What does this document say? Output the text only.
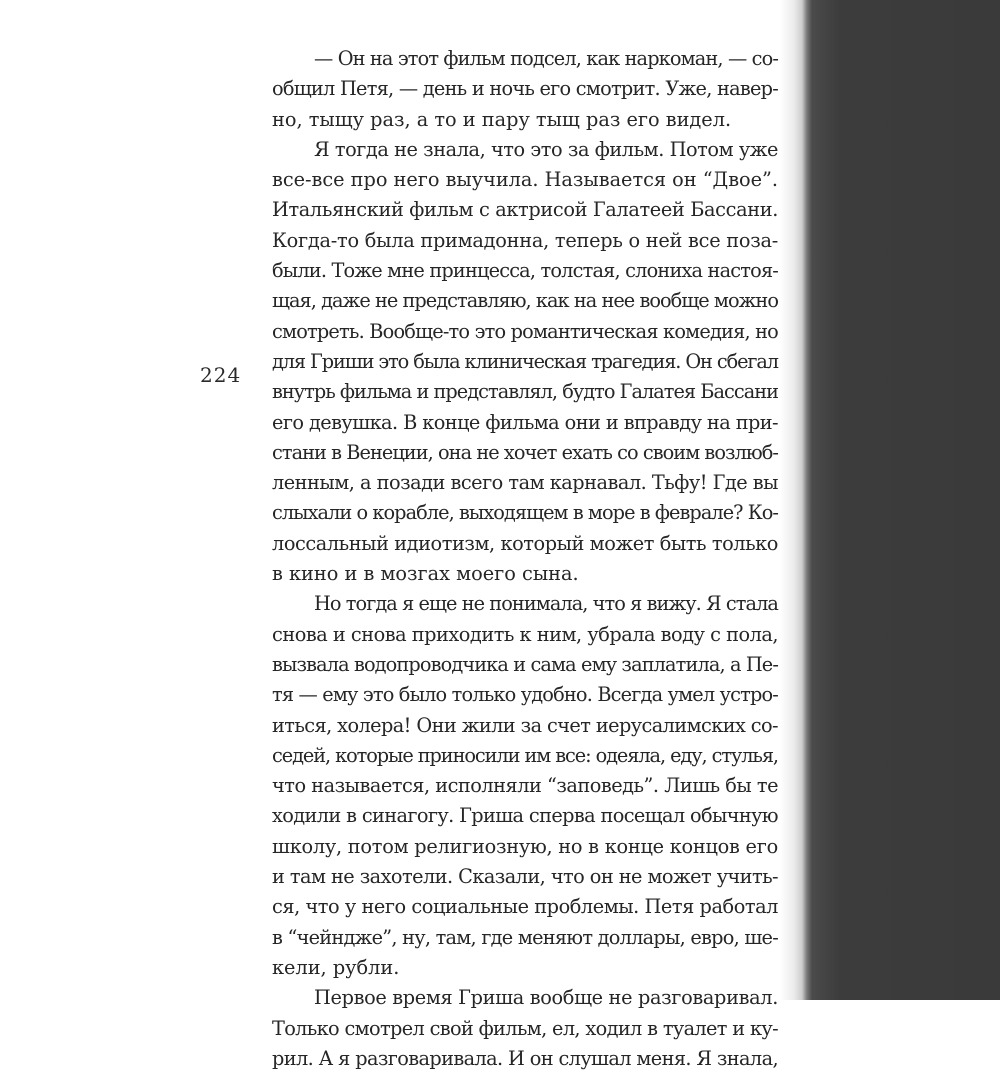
224
— Он на этот фильм подсел, как наркоман, — со-
общил Петя, — день и ночь его смотрит. Уже, навер-
но, тыщу раз, а то и пару тыщ раз его видел.
Я тогда не знала, что это за фильм. Потом уже
все-все про него выучила. Называется он “Двое”.
Итальянский фильм с актрисой Галатеей Бассани.
Когда-то была примадонна, теперь о ней все поза-
были. Тоже мне принцесса, толстая, слониха настоя-
щая, даже не представляю, как на нее вообще можно
смотреть. Вообще-то это романтическая комедия, но
для Гриши это была клиническая трагедия. Он сбегал
внутрь фильма и представлял, будто Галатея Бассани
его девушка. В конце фильма они и вправду на при-
стани в Венеции, она не хочет ехать со своим возлюб-
ленным, а позади всего там карнавал. Тьфу! Где вы
слыхали о корабле, выходящем в море в феврале? Ко-
лоссальный идиотизм, который может быть только
в кино и в мозгах моего сына.
Но тогда я еще не понимала, что я вижу. Я стала
снова и снова приходить к ним, убрала воду с пола,
вызвала водопроводчика и сама ему заплатила, а Пе-
тя — ему это было только удобно. Всегда умел устро-
иться, холера! Они жили за счет иерусалимских со-
седей, которые приносили им все: одеяла, еду, стулья,
что называется, исполняли “заповедь”. Лишь бы те
ходили в синагогу. Гриша сперва посещал обычную
школу, потом религиозную, но в конце концов его
и там не захотели. Сказали, что он не может учить-
ся, что у него социальные проблемы. Петя работал
в “чейндже”, ну, там, где меняют доллары, евро, ше-
кели, рубли.
Первое время Гриша вообще не разговаривал.
Только смотрел свой фильм, ел, ходил в туалет и ку-
рил. А я разговаривала. И он слушал меня. Я знала,
